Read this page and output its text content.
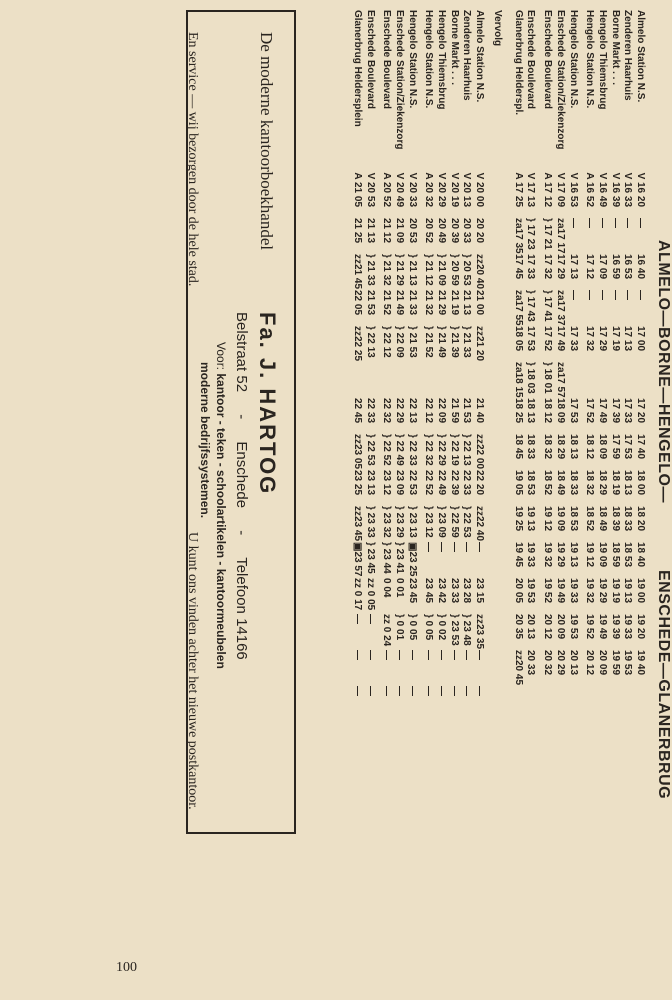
ALMELO—BORNE—HENGELO—
ENSCHEDE—GLANERBRUG
Almelo Station N.S.
V
16 20
—
16 40
—
17 00
17 20
17 40
18 00
18 20
18 40
19 00
19 20
19 40
Zenderen Haarhuis
V
16 33
—
16 53
—
17 13
17 33
17 53
18 13
18 33
18 53
19 13
19 33
19 53
Borne Markt . . .
V
16 39
—
16 59
—
17 19
17 39
17 59
18 19
18 39
18 59
19 19
19 39
19 59
Hengelo Thiemsbrug
V
16 49
—
17 09
—
17 29
17 49
18 09
18 29
18 49
19 09
19 29
19 49
20 09
Hengelo Station N.S.
A
16 52
—
17 12
—
17 32
17 52
18 12
18 32
18 52
19 12
19 32
19 52
20 12
Hengelo Station N.S.
V
16 53
—
17 13
—
17 33
17 53
18 13
18 33
18 53
19 13
19 33
19 53
20 13
Enschede Station/Ziekenzorg
V
17 09
za17 17
17 29
za17 37
17 49
za17 57
18 09
18 29
18 49
19 09
19 29
19 49
20 09
20 29
Enschede Boulevard
A
17 12
} 17 21
17 32
} 17 41
17 52
} 18 01
18 12
18 32
18 52
19 12
19 32
19 52
20 12
20 32
Enschede Boulevard
V
17 13
} 17 23
17 33
} 17 43
17 53
} 18 03
18 13
18 33
18 53
19 13
19 33
19 53
20 13
20 33
Glanerbrug Helderspl.
A
17 25
za17 35
17 45
za17 55
18 05
za18 15
18 25
18 45
19 05
19 25
19 45
20 05
20 35
zz20 45
Vervolg
Almelo Station N.S.
V
20 00
20 20
zz20 40
21 00
zz21 20
21 40
zz22 00
22 20
zz22 40
—
23 15
zz23 35
—
—
Zenderen Haarhuis
V
20 13
20 33
} 20 53
21 13
} 21 33
21 53
} 22 13
22 33
} 22 53
—
23 28
} 23 48
—
—
Borne Markt . . .
V
20 19
20 39
} 20 59
21 19
} 21 39
21 59
} 22 19
22 39
} 22 59
—
23 33
} 23 53
—
—
Hengelo Thiemsbrug
V
20 29
20 49
} 21 09
21 29
} 21 49
22 09
} 22 29
22 49
} 23 09
—
23 42
} 0 02
—
—
Hengelo Station N.S.
A
20 32
20 52
} 21 12
21 32
} 21 52
22 12
} 22 32
22 52
} 23 12
—
23 45
} 0 05
—
—
Hengelo Station N.S.
V
20 33
20 53
} 21 13
21 33
} 21 53
22 13
} 22 33
22 53
} 23 13
▣23 25
23 45
} 0 05
—
—
Enschede Station/Ziekenzorg
V
20 49
21 09
} 21 29
21 49
} 22 09
22 29
} 22 49
23 09
} 23 29
} 23 41
0 01
} 0 01
—
—
Enschede Boulevard
A
20 52
21 12
} 21 32
21 52
} 22 12
22 32
} 22 52
23 12
} 23 32
} 23 44
0 04
zz 0 24
—
—
Enschede Boulevard
V
20 53
21 13
} 21 33
21 53
} 22 13
22 33
} 22 53
23 13
} 23 33
} 23 45
zz 0 05
—
—
—
Glanerbrug Heldersplein
A
21 05
21 25
zz21 45
22 05
zz22 25
22 45
zz23 05
23 25
zz23 45
▣23 57
zz 0 17
—
—
—
De moderne kantoorboekhandel
Fa. J. HARTOG
Belstraat 52 - Enschede - Telefoon 14166
Voor: kantoor - teken - schoolartikelen - kantoormeubelen
moderne bedrijfssystemen.
En service — wij bezorgen door de hele stad.
U kunt ons vinden achter het nieuwe postkantoor.
100
